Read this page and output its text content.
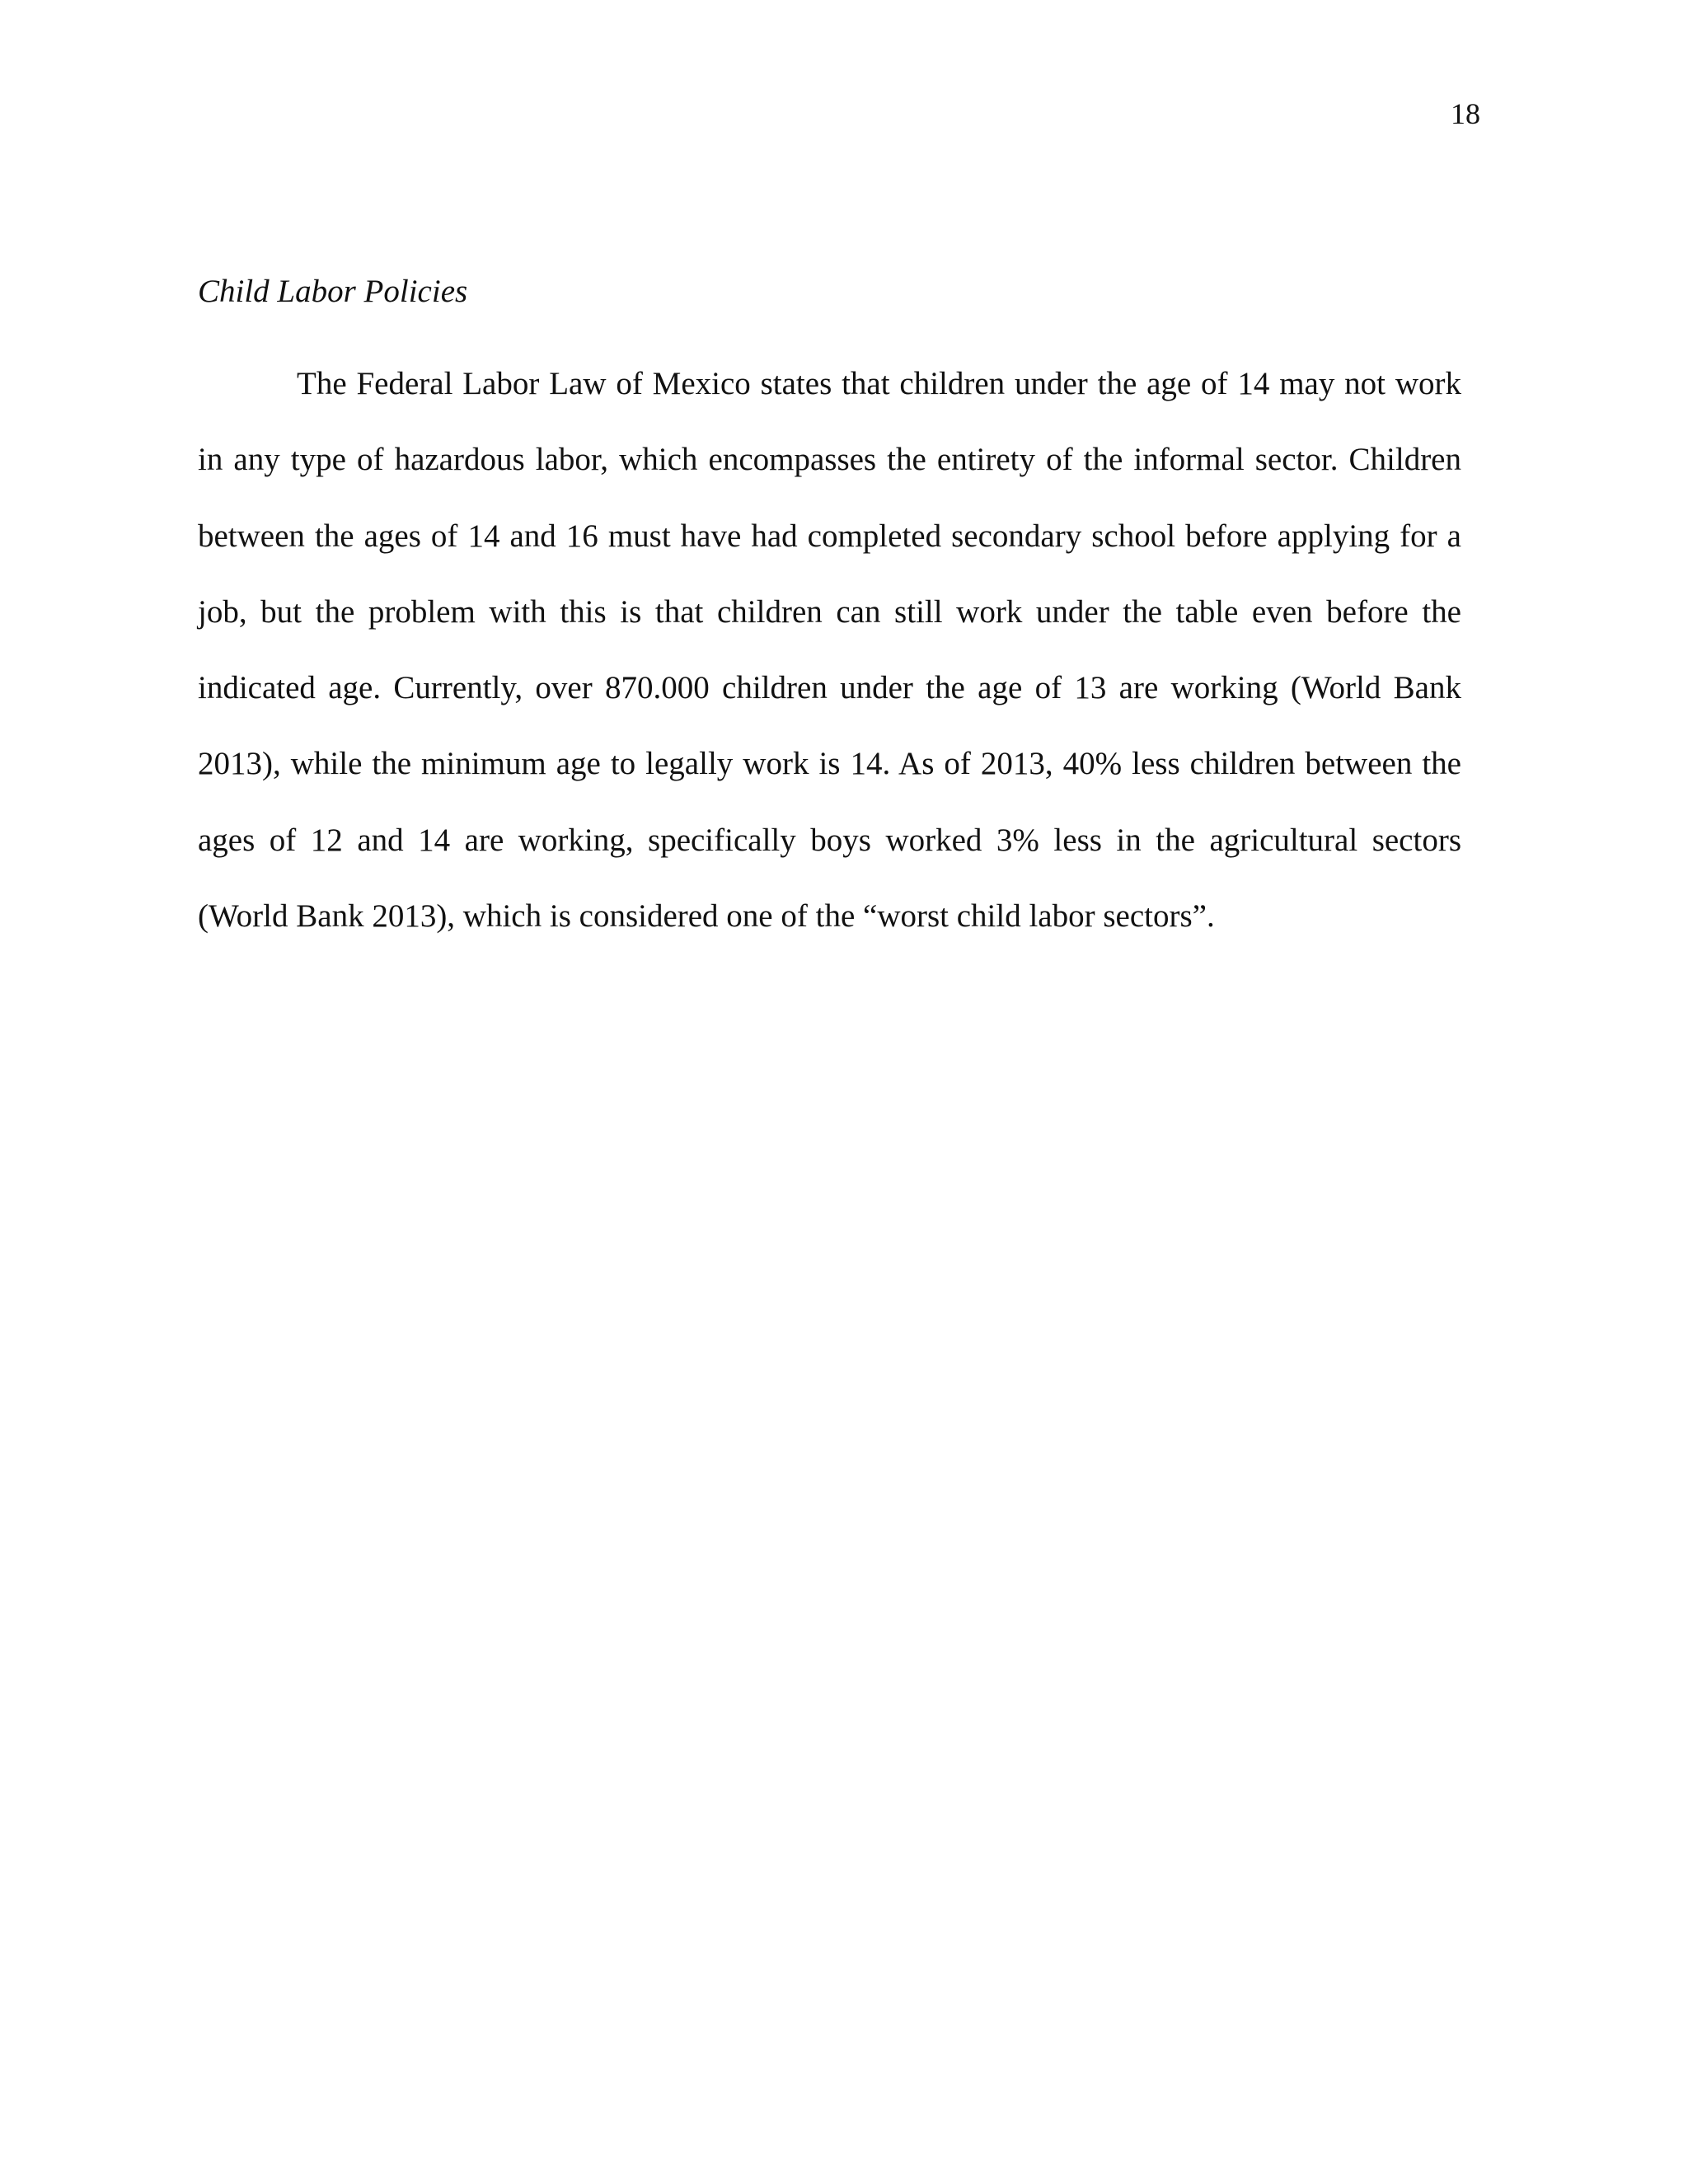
18
Child Labor Policies

The Federal Labor Law of Mexico states that children under the age of 14 may not work in any type of hazardous labor, which encompasses the entirety of the informal sector. Children between the ages of 14 and 16 must have had completed secondary school before applying for a job, but the problem with this is that children can still work under the table even before the indicated age. Currently, over 870.000 children under the age of 13 are working (World Bank 2013), while the minimum age to legally work is 14. As of 2013, 40% less children between the ages of 12 and 14 are working, specifically boys worked 3% less in the agricultural sectors (World Bank 2013), which is considered one of the “worst child labor sectors”.
